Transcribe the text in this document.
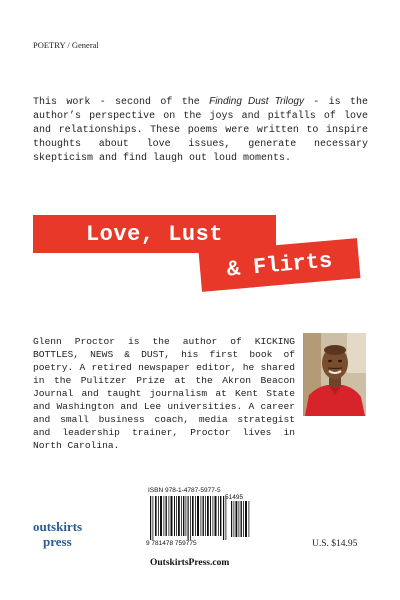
POETRY / General
This work - second of the Finding Dust Trilogy - is the author’s perspective on the joys and pitfalls of love and relationships. These poems were written to inspire thoughts about love issues, generate necessary skepticism and find laugh out loud moments.
Love, Lust
& Flirts
Glenn Proctor is the author of KICKING BOTTLES, NEWS & DUST, his first book of poetry. A retired newspaper editor, he shared in the Pulitzer Prize at the Akron Beacon Journal and taught journalism at Kent State and Washington and Lee universities. A career and small business coach, media strategist and leadership trainer, Proctor lives in North Carolina.
ISBN 978-1-4787-5977-5
51495
9 781478 759775
outskirts
press	U.S. $14.95
OutskirtsPress.com
